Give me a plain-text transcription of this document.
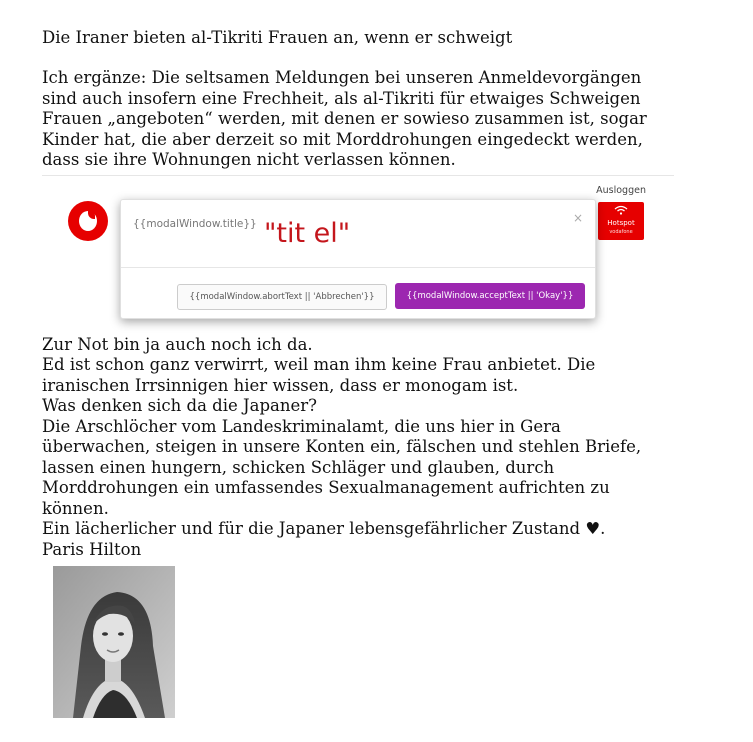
Die Iraner bieten al-Tikriti Frauen an, wenn er schweigt

Ich ergänze: Die seltsamen Meldungen bei unseren Anmeldevorgängen
sind auch insofern eine Frechheit, als al-Tikriti für etwaiges Schweigen
Frauen „angeboten“ werden, mit denen er sowieso zusammen ist, sogar
Kinder hat, die aber derzeit so mit Morddrohungen eingedeckt werden,
dass sie ihre Wohnungen nicht verlassen können.

Ausloggen
Hotspot
vodafone
{{modalWindow.title}}	×
{{modalWindow.abortText || 'Abbrechen'}}	{{modalWindow.acceptText || 'Okay'}}
"tit el"

Zur Not bin ja auch noch ich da.
Ed ist schon ganz verwirrt, weil man ihm keine Frau anbietet. Die
iranischen Irrsinnigen hier wissen, dass er monogam ist.
Was denken sich da die Japaner?
Die Arschlöcher vom Landeskriminalamt, die uns hier in Gera
überwachen, steigen in unsere Konten ein, fälschen und stehlen Briefe,
lassen einen hungern, schicken Schläger und glauben, durch
Morddrohungen ein umfassendes Sexualmanagement aufrichten zu
können.
Ein lächerlicher und für die Japaner lebensgefährlicher Zustand ♥.
Paris Hilton
